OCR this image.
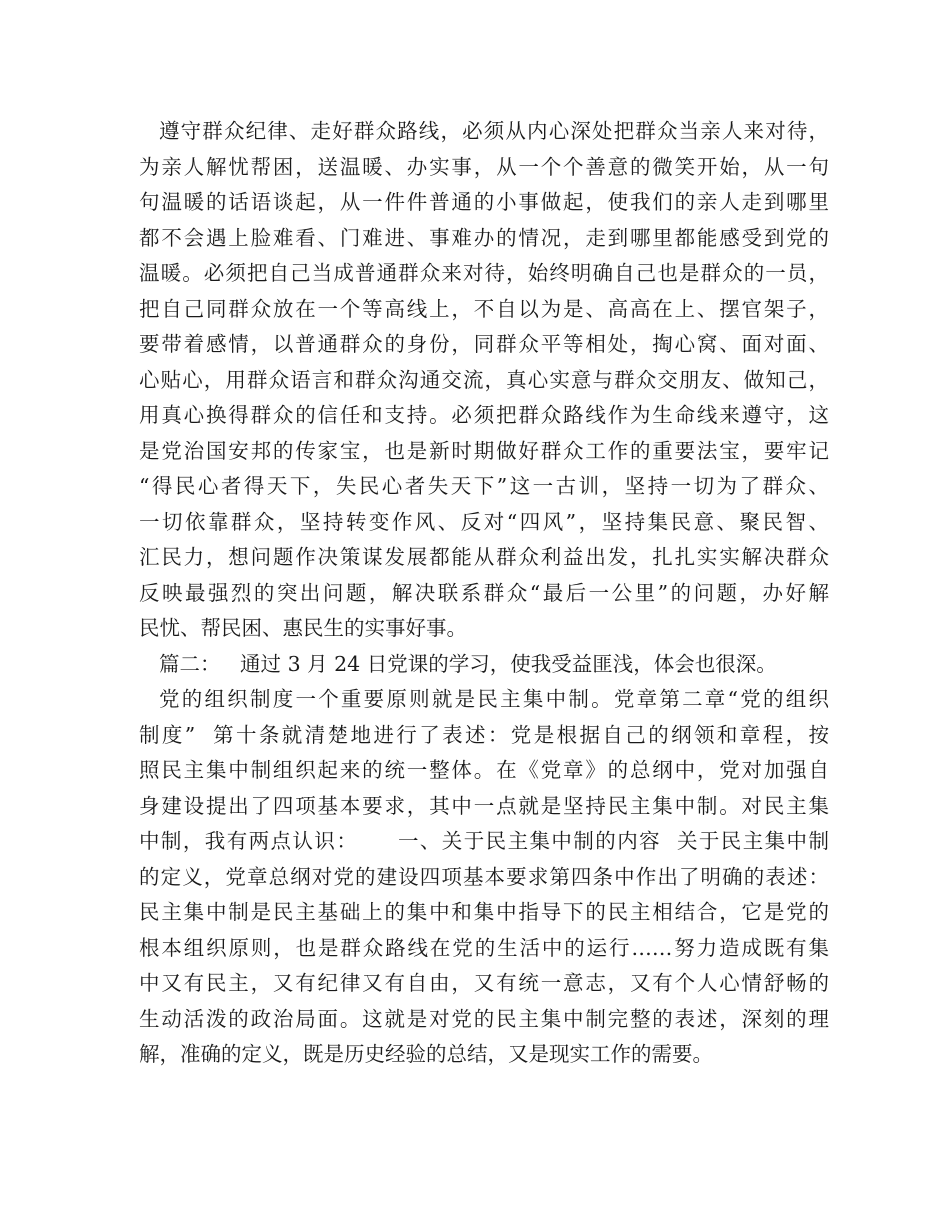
遵守群众纪律、走好群众路线，必须从内心深处把群众当亲人来对待，
为亲人解忧帮困，送温暖、办实事，从一个个善意的微笑开始，从一句
句温暖的话语谈起，从一件件普通的小事做起，使我们的亲人走到哪里
都不会遇上脸难看、门难进、事难办的情况，走到哪里都能感受到党的
温暖。必须把自己当成普通群众来对待，始终明确自己也是群众的一员，
把自己同群众放在一个等高线上，不自以为是、高高在上、摆官架子，
要带着感情，以普通群众的身份，同群众平等相处，掏心窝、面对面、
心贴心，用群众语言和群众沟通交流，真心实意与群众交朋友、做知己，
用真心换得群众的信任和支持。必须把群众路线作为生命线来遵守，这
是党治国安邦的传家宝，也是新时期做好群众工作的重要法宝，要牢记
“得民心者得天下，失民心者失天下”这一古训，坚持一切为了群众、
一切依靠群众，坚持转变作风、反对“四风”，坚持集民意、聚民智、
汇民力，想问题作决策谋发展都能从群众利益出发，扎扎实实解决群众
反映最强烈的突出问题，解决联系群众“最后一公里”的问题，办好解
民忧、帮民困、惠民生的实事好事。
篇二：   通过 3 月 24 日党课的学习，使我受益匪浅，体会也很深。
党的组织制度一个重要原则就是民主集中制。党章第二章“党的组织
制度”  第十条就清楚地进行了表述：党是根据自己的纲领和章程，按
照民主集中制组织起来的统一整体。在《党章》的总纲中，党对加强自
身建设提出了四项基本要求，其中一点就是坚持民主集中制。对民主集
中制，我有两点认识：     一、关于民主集中制的内容  关于民主集中制
的定义，党章总纲对党的建设四项基本要求第四条中作出了明确的表述：
民主集中制是民主基础上的集中和集中指导下的民主相结合，它是党的
根本组织原则，也是群众路线在党的生活中的运行……努力造成既有集
中又有民主，又有纪律又有自由，又有统一意志，又有个人心情舒畅的
生动活泼的政治局面。这就是对党的民主集中制完整的表述，深刻的理
解，准确的定义，既是历史经验的总结，又是现实工作的需要。
